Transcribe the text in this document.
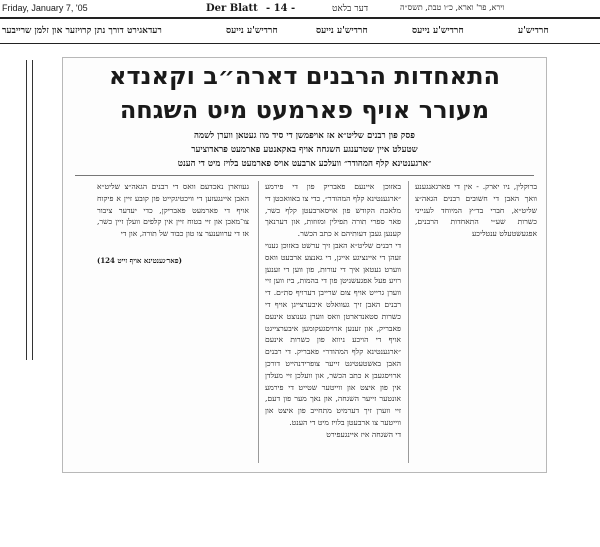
Friday, January 7, '05	Der Blatt - 14 -	דער בלאט	וירא, פר' וארא, כ״ו טבת, תשס״ה
רעדאגירט דורך נתן קרויזער און זלמן שרייבער	חרדיש'ע נייעס	חרדיש'ע נייעס	חרדיש'ע נייעס	חרדיש'ע
התאחדות הרבנים דארה״ב וקאנדא
מעורר אויף פארמעט מיט השגחה
פסק פון רבנים שליט״א אז אויפמשן די סיד מוז געטאן ווערן לשמה
שטעלט איין שטרענגע השגחה אויף באקאנטע פארמעט פראדוציער
״ארגענטינא קלף המהודר״ וועלכע ארבעט אויס פארמעט בלויז מיט די הענט
ברוקלין, ניו יארק. - אין די פארגאנגענע וואך האבן די חשובים רבנים הגאה״צ שליט״א, חברי בד״ץ המיוחד לענייני כשרות שע״י התאחדות הרבנים, אפגעשטעלט ענטליכע
באזוכן איינעם פאבריק פון די פירמע ״ארגענטינא קלף המהודר״, כדי צו באוואכטן די מלאכת הקודש פון אויסארבעטן קלף כשר, פאר ספרי תורה תפילין ומזוזות, און דערנאך קענען געבן דעותיהם א כתב הכשר.
די רבנים שליט״א האבן זיך ערשט באזוכן גענוי זעהן די איינציגע אייגן, די גאנצע ארבעט וואס ווערט געטאן איך די עורות, פון ווען די זענען רויע פעל אפגעשניטן פון די בהמות, ביז ווען זיי ווערן גרייט אויף צום שרייבן דערויף סת״ם. די רבנים האבן זיך געוואלט איבערצייגן אויף די כשרות סטאנדארטן וואס ווערן גענוצט אינעם פאבריק, און זענען ארויסגעקומען איבערצייגט אויף די הויכע ניווא פון כשרות אינעם ״ארגענטינא קלף המהודר״ פאבריק. די רבנים האבן באשטעטיגט זייער צופרידנהייט דורכן ארויסגעבן א כתב הכשר, און וועלכן זיי מעלדן אין פון איצט און ווייטער שטייט די פירמע אונטער זייער השגחה, און נאך מער פון דעם, זיי ווערן זיך דערמיט מתחייב פון איצט און ווייטער צו ארבעטן בלויז מיט די הענט.
די השגחה איז איינגעפירט
געווארן נאכדעם וואס די רבנים הגאה״צ שליט״א האבן איינגעזען די וויכטיגקייט פון קובע זיין א פיקוח אויף די פארמעט פאבריקן, כדי יעדער ציבור צו־מאכן און זיי בטוח זיין אין קלפים וועלן זיין כשר, אז די ערווענער צו טון כבוד של תורה, און די
(פאר׳גענטינא אויף זייט 124)
